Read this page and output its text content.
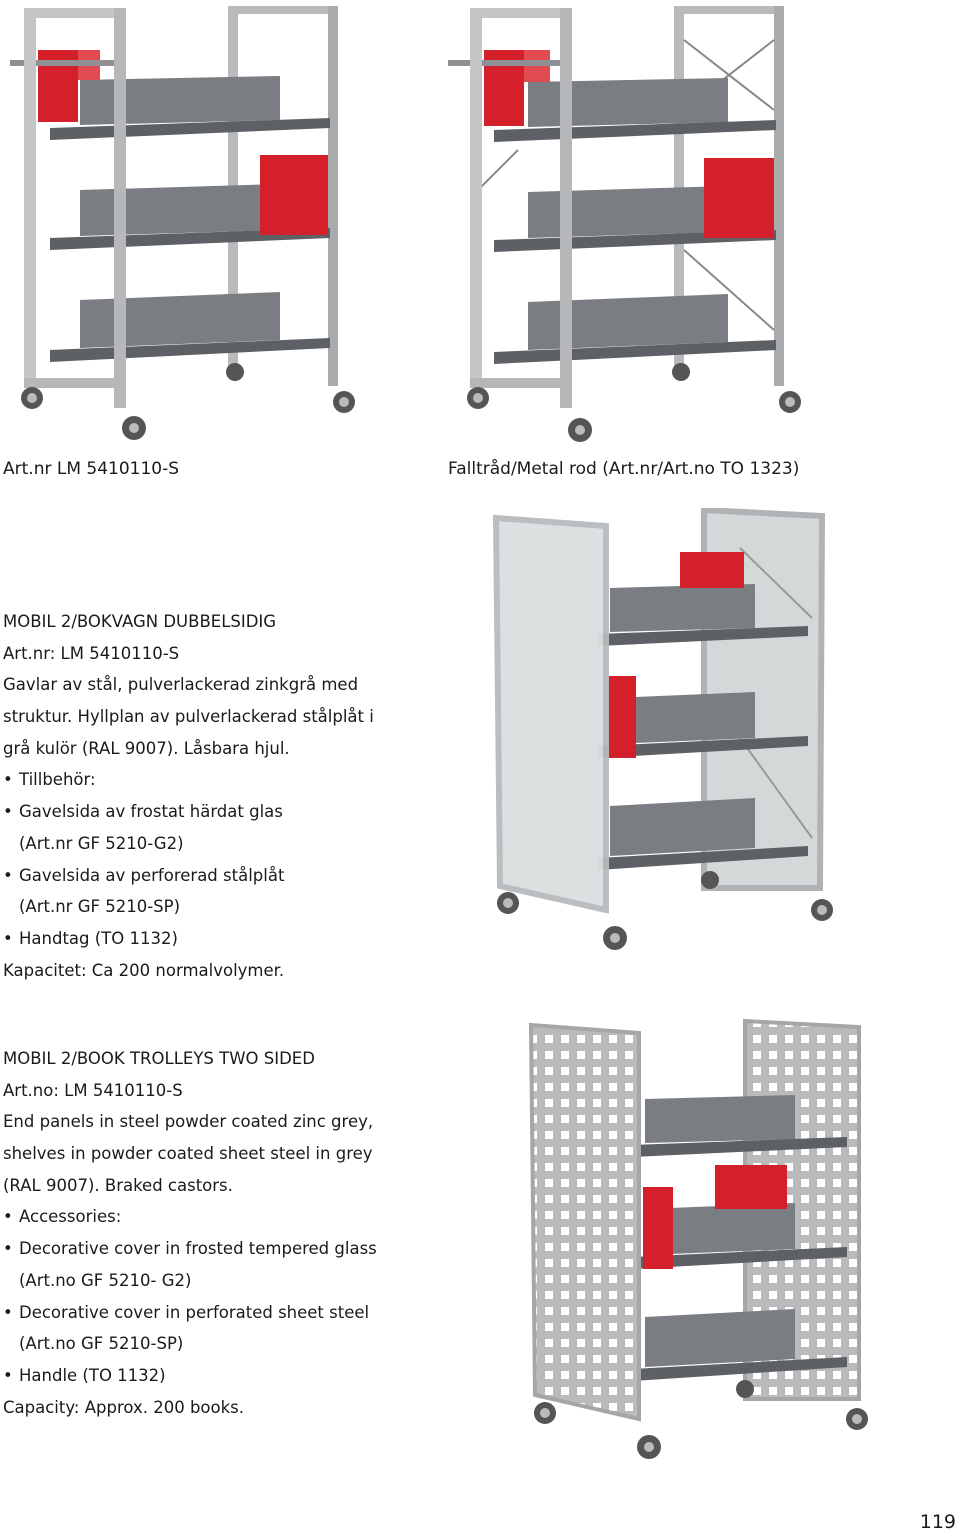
Art.nr LM 5410110-S	Falltråd/Metal rod (Art.nr/Art.no TO 1323)
MOBIL 2/BOKVAGN DUBBELSIDIG
Art.nr: LM 5410110-S
Gavlar av stål, pulverlackerad zinkgrå med
struktur. Hyllplan av pulverlackerad stålplåt i
grå kulör (RAL 9007). Låsbara hjul.
• Tillbehör:
• Gavelsida av frostat härdat glas
(Art.nr GF 5210-G2)
• Gavelsida av perforerad stålplåt
(Art.nr GF 5210-SP)
• Handtag (TO 1132)
Kapacitet: Ca 200 normalvolymer.
MOBIL 2/BOOK TROLLEYS TWO SIDED
Art.no: LM 5410110-S
End panels in steel powder coated zinc grey,
shelves in powder coated sheet steel in grey
(RAL 9007). Braked castors.
• Accessories:
• Decorative cover in frosted tempered glass
(Art.no GF 5210- G2)
• Decorative cover in perforated sheet steel
(Art.no GF 5210-SP)
• Handle (TO 1132)
Capacity: Approx. 200 books.
119
